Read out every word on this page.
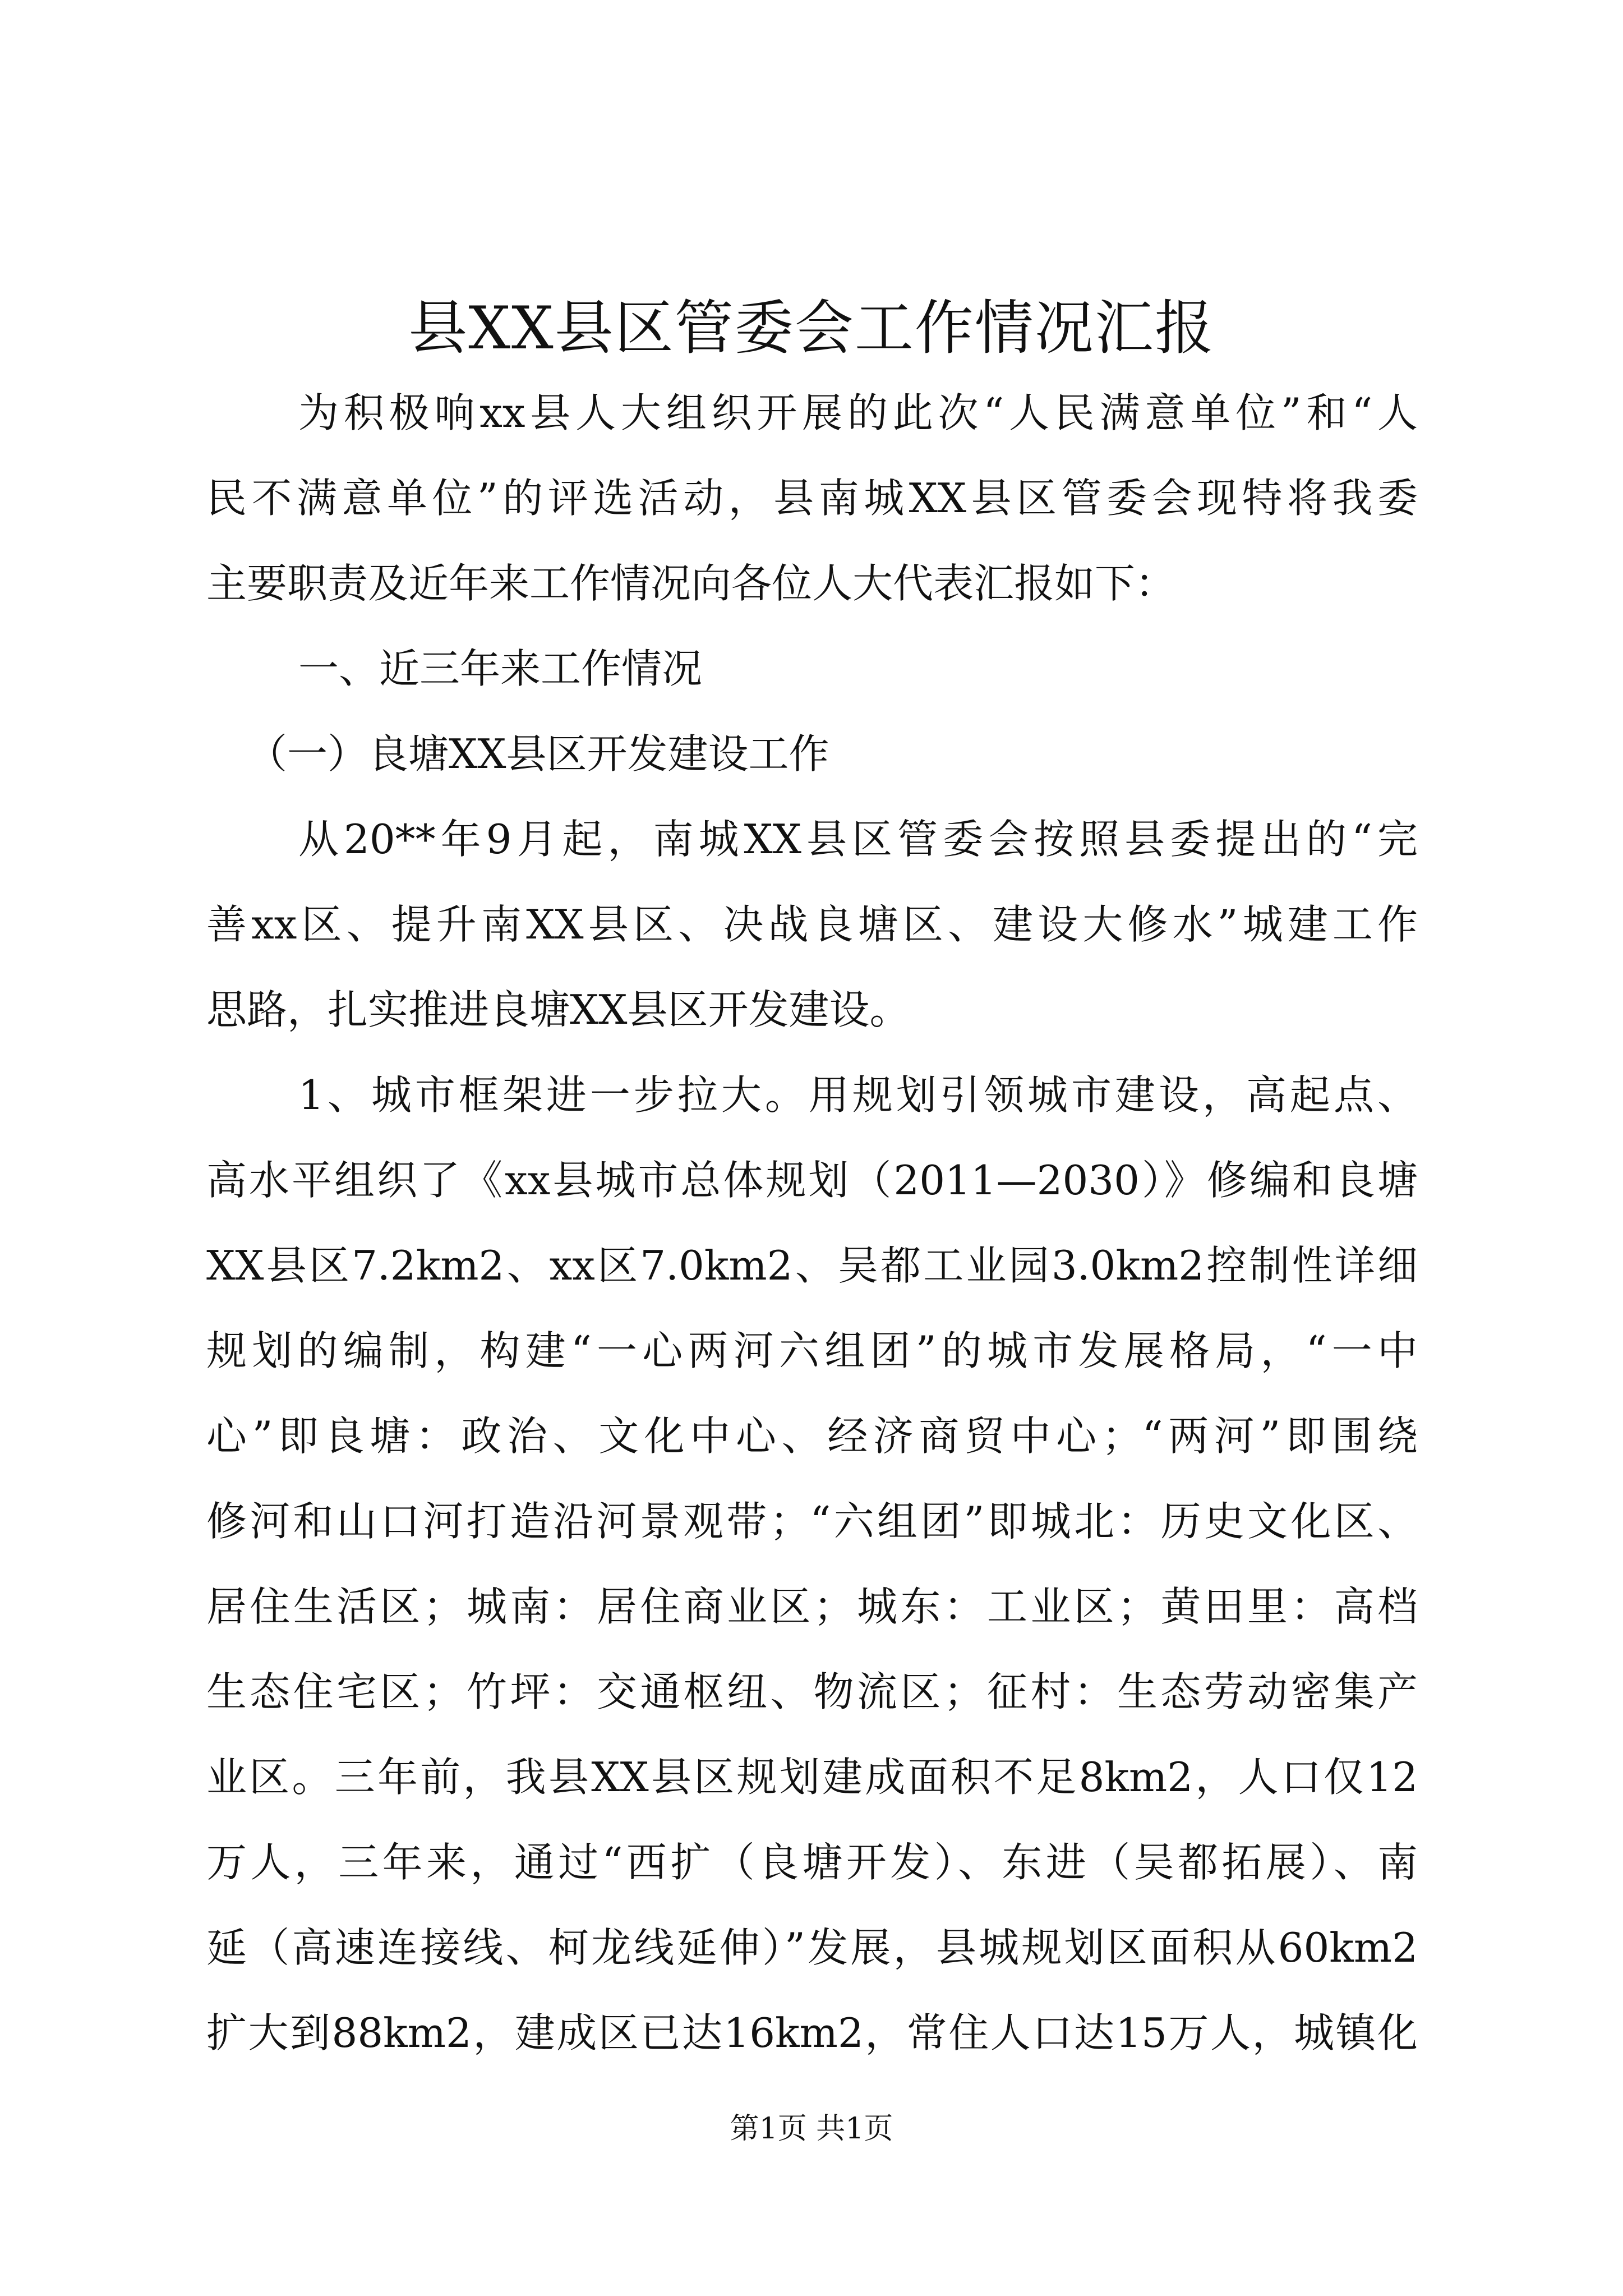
县XX县区管委会工作情况汇报
为积极响xx县人大组织开展的此次“人民满意单位”和“人
民不满意单位”的评选活动，县南城XX县区管委会现特将我委
主要职责及近年来工作情况向各位人大代表汇报如下：
一、近三年来工作情况
（一）良塘XX县区开发建设工作
从20**年9月起，南城XX县区管委会按照县委提出的“完
善xx区、提升南XX县区、决战良塘区、建设大修水”城建工作
思路，扎实推进良塘XX县区开发建设。
1、城市框架进一步拉大。用规划引领城市建设，高起点、
高水平组织了《xx县城市总体规划（2011—2030）》修编和良塘
XX县区7.2km2、xx区7.0km2、吴都工业园3.0km2控制性详细
规划的编制，构建“一心两河六组团”的城市发展格局，“一中
心”即良塘：政治、文化中心、经济商贸中心；“两河”即围绕
修河和山口河打造沿河景观带；“六组团”即城北：历史文化区、
居住生活区；城南：居住商业区；城东：工业区；黄田里：高档
生态住宅区；竹坪：交通枢纽、物流区；征村：生态劳动密集产
业区。三年前，我县XX县区规划建成面积不足8km2，人口仅12
万人，三年来，通过“西扩（良塘开发）、东进（吴都拓展）、南
第1页 共1页
延（高速连接线、柯龙线延伸）”发展，县城规划区面积从60km2
扩大到88km2，建成区已达16km2，常住人口达15万人，城镇化
